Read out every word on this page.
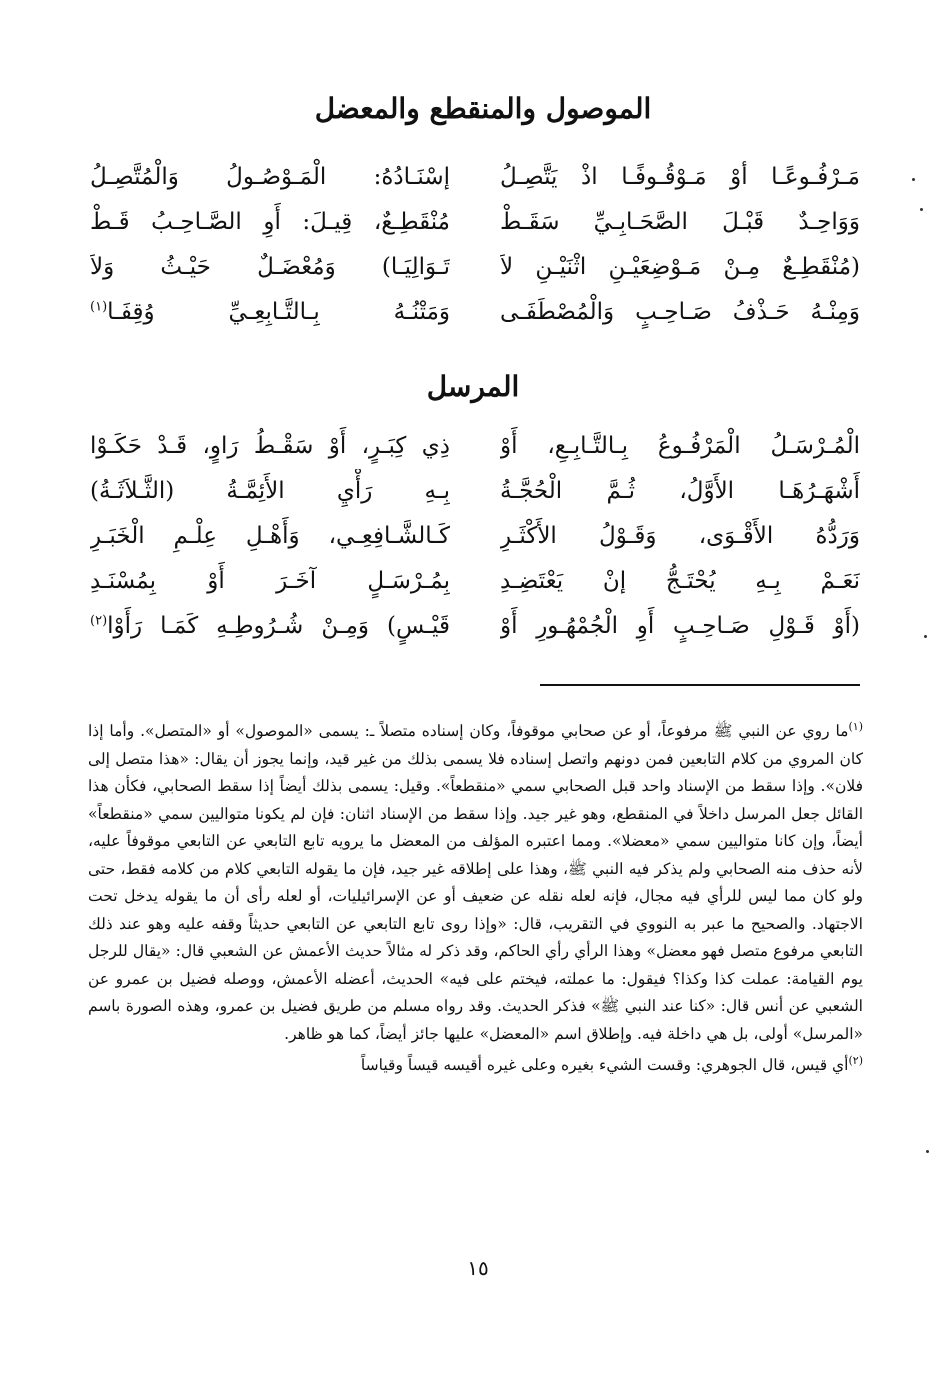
الموصول والمنقطع والمعضل
مَـرْفُـوعًـا أوْ مَـوْقُـوفًـا اذْ يَتَّصِـلُ
إسْنَـادُهُ: الْمَـوْصُـولُ وَالْمُتَّصِـلُ
وَوَاحِـدٌ قَبْـلَ الصَّحَـابِـيِّ سَقَـطْ
مُنْقَطِـعٌ، قِيـلَ: أَوِ الصَّـاحِـبُ قَـطْ
(مُنْقَطِـعٌ مِـنْ مَـوْضِعَيْـنِ اثْنَيْـنِ لاَ
تَـوَالِيَـا) وَمُعْضَـلٌ حَيْـثُ وَلاَ
وَمِنْـهُ حَـذْفُ صَـاحِـبٍ وَالْمُصْطَفَـى
وَمَتْنُـهُ بِـالتَّـابِعِـيِّ وُقِفَـا$^{(١)}$
المرسل
الْمُـرْسَـلُ الْمَرْفُـوعُ بِـالتَّـابِـعِ، أَوْ
ذِي كِبَـرٍ، أَوْ سَقْـطُ رَاوٍ، قَـدْ حَكَـوْا
أَشْهَـرُهَـا الأَوَّلُ، ثُـمَّ الْحُجَّـةُ
بِـهِ رَأْيِ الأَئِمَّـةُ (الثَّـلاَثَـةُ)
وَرَدُّهُ الأَقْـوَى، وَقَـوْلُ الأَكْثَـرِ
كَـالشَّـافِعِـي، وَأَهْـلِ عِلْـمِ الْخَبَـرِ
نَعَـمْ بِـهِ يُحْتَـجُّ إنْ يَعْتَضِـدِ
بِمُـرْسَـلٍ آخَـرَ أَوْ بِمُسْنَـدِ
(أَوْ قَـوْلِ صَـاحِـبٍ أَوِ الْجُمْهُـورِ أَوْ
قَيْـسٍ) وَمِـنْ شُـرُوطِـهِ كَمَـا رَأَوْا$^{(٢)}$

$^{(١)}$ما روي عن النبي ﷺ مرفوعاً، أو عن صحابي موقوفاً، وكان إسناده متصلاً ـ: يسمى «الموصول» أو «المتصل». وأما إذا كان المروي من كلام التابعين فمن دونهم واتصل إسناده فلا يسمى بذلك من غير قيد، وإنما يجوز أن يقال: «هذا متصل إلى فلان». وإذا سقط من الإسناد واحد قبل الصحابي سمي «منقطعاً». وقيل: يسمى بذلك أيضاً إذا سقط الصحابي، فكأن هذا القائل جعل المرسل داخلاً في المنقطع، وهو غير جيد. وإذا سقط من الإسناد اثنان: فإن لم يكونا متواليين سمي «منقطعاً» أيضاً، وإن كانا متواليين سمي «معضلا». ومما اعتبره المؤلف من المعضل ما يرويه تابع التابعي عن التابعي موقوفاً عليه، لأنه حذف منه الصحابي ولم يذكر فيه النبي ﷺ، وهذا على إطلاقه غير جيد، فإن ما يقوله التابعي كلام من كلامه فقط، حتى ولو كان مما ليس للرأي فيه مجال، فإنه لعله نقله عن ضعيف أو عن الإسرائيليات، أو لعله رأى أن ما يقوله يدخل تحت الاجتهاد. والصحيح ما عبر به النووي في التقريب، قال: «وإذا روى تابع التابعي عن التابعي حديثاً وقفه عليه وهو عند ذلك التابعي مرفوع متصل فهو معضل» وهذا الرأي رأي الحاكم، وقد ذكر له مثالاً حديث الأعمش عن الشعبي قال: «يقال للرجل يوم القيامة: عملت كذا وكذا؟ فيقول: ما عملته، فيختم على فيه» الحديث، أعضله الأعمش، ووصله فضيل بن عمرو عن الشعبي عن أنس قال: «كنا عند النبي ﷺ» فذكر الحديث. وقد رواه مسلم من طريق فضيل بن عمرو، وهذه الصورة باسم «المرسل» أولى، بل هي داخلة فيه. وإطلاق اسم «المعضل» عليها جائز أيضاً، كما هو ظاهر.

$^{(٢)}$أي قيس، قال الجوهري: وقست الشيء بغيره وعلى غيره أقيسه قيساً وقياساً

١٥
